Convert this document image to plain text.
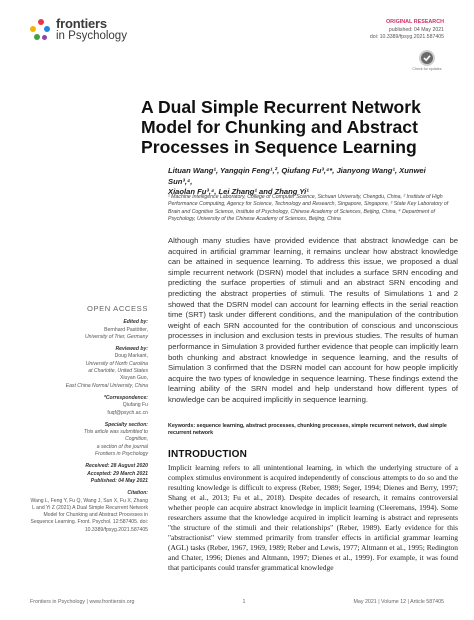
frontiers
in Psychology
ORIGINAL RESEARCH
published: 04 May 2021
doi: 10.3389/fpsyg.2021.587405
Check for updates
A Dual Simple Recurrent Network Model for Chunking and Abstract Processes in Sequence Learning
Lituan Wang¹, Yangqin Feng¹,², Qiufang Fu³,⁴*, Jianyong Wang¹, Xunwei Sun³,⁴,
Xiaolan Fu³,⁴, Lei Zhang¹ and Zhang Yi¹
¹ Machine Intelligence Laboratory, College of Computer Science, Sichuan University, Chengdu, China, ² Institute of High Performance Computing, Agency for Science, Technology and Research, Singapore, Singapore, ³ State Key Laboratory of Brain and Cognitive Science, Institute of Psychology, Chinese Academy of Sciences, Beijing, China, ⁴ Department of Psychology, University of the Chinese Academy of Sciences, Beijing, China
Although many studies have provided evidence that abstract knowledge can be acquired in artificial grammar learning, it remains unclear how abstract knowledge can be attained in sequence learning. To address this issue, we proposed a dual simple recurrent network (DSRN) model that includes a surface SRN encoding and predicting the surface properties of stimuli and an abstract SRN encoding and predicting the abstract properties of stimuli. The results of Simulations 1 and 2 showed that the DSRN model can account for learning effects in the serial reaction time (SRT) task under different conditions, and the manipulation of the contribution weight of each SRN accounted for the contribution of conscious and unconscious processes in inclusion and exclusion tests in previous studies. The results of human performance in Simulation 3 provided further evidence that people can implicitly learn both chunking and abstract knowledge in sequence learning, and the results of Simulation 3 confirmed that the DSRN model can account for how people implicitly acquire the two types of knowledge in sequence learning. These findings extend the learning ability of the SRN model and help understand how different types of knowledge can be acquired implicitly in sequence learning.
Keywords: sequence learning, abstract processes, chunking processes, simple recurrent network, dual simple recurrent network
INTRODUCTION
Implicit learning refers to all unintentional learning, in which the underlying structure of a complex stimulus environment is acquired independently of conscious attempts to do so and the resulting knowledge is difficult to express (Reber, 1989; Seger, 1994; Dienes and Berry, 1997; Shang et al., 2013; Fu et al., 2018). Despite decades of research, it remains controversial whether people can acquire abstract knowledge in implicit learning (Cleeremans, 1994). Some researchers assume that the knowledge acquired in implicit learning is abstract and represents "the structure of the stimuli and their relationships" (Reber, 1989). Early evidence for this "abstractionist" view stemmed primarily from transfer effects in artificial grammar learning (AGL) tasks (Reber, 1967, 1969, 1989; Reber and Lewis, 1977; Altmann et al., 1995; Redington and Chater, 1996; Dienes and Altmann, 1997; Dienes et al., 1999). For example, it was found that participants could transfer grammatical knowledge
OPEN ACCESS
Edited by:
Bernhard Pastötter,
University of Trier, Germany
Reviewed by:
Doug Markant,
University of North Carolina
at Charlotte, United States
Xiuyan Guo,
East China Normal University, China
*Correspondence:
Qiufang Fu
fuqf@psych.ac.cn
Specialty section:
This article was submitted to
Cognition,
a section of the journal
Frontiers in Psychology
Received: 28 August 2020
Accepted: 29 March 2021
Published: 04 May 2021
Citation:
Wang L, Feng Y, Fu Q, Wang J, Sun X, Fu X, Zhang L and Yi Z (2021) A Dual Simple Recurrent Network Model for Chunking and Abstract Processes in Sequence Learning. Front. Psychol. 12:587405. doi: 10.3389/fpsyg.2021.587405
Frontiers in Psychology | www.frontiersin.org	1	May 2021 | Volume 12 | Article 587405
